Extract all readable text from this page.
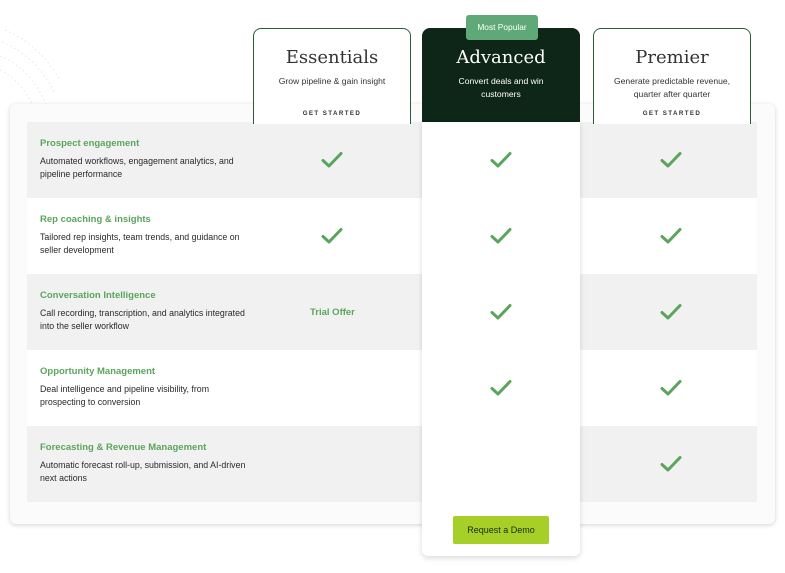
Prospect engagement
Automated workflows, engagement analytics, and pipeline performance
Rep coaching & insights
Tailored rep insights, team trends, and guidance on seller development
Conversation Intelligence
Call recording, transcription, and analytics integrated into the seller workflow
Opportunity Management
Deal intelligence and pipeline visibility, from prospecting to conversion
Forecasting & Revenue Management
Automatic forecast roll-up, submission, and AI-driven next actions
Essentials
Grow pipeline & gain insight
GET STARTED
Advanced
Convert deals and win customers
Premier
Generate predictable revenue, quarter after quarter
GET STARTED
Most Popular
Trial Offer
Request a Demo
